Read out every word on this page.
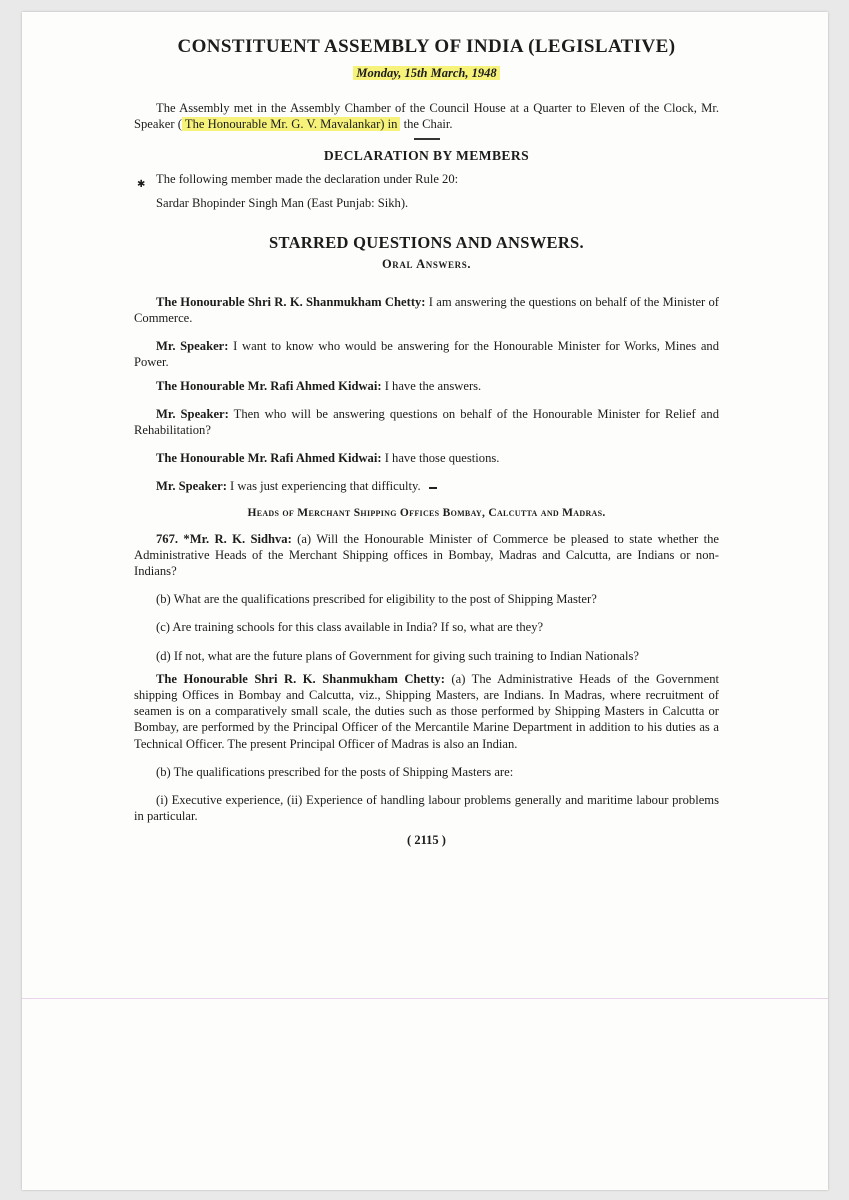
✱
CONSTITUENT ASSEMBLY OF INDIA (LEGISLATIVE)
Monday, 15th March, 1948

The Assembly met in the Assembly Chamber of the Council House at a Quarter to Eleven of the Clock, Mr. Speaker ( The Honourable Mr. G. V. Mavalankar) in the Chair.

DECLARATION BY MEMBERS

The following member made the declaration under Rule 20:

Sardar Bhopinder Singh Man (East Punjab: Sikh).

STARRED QUESTIONS AND ANSWERS.
Oral Answers.

The Honourable Shri R. K. Shanmukham Chetty: I am answering the questions on behalf of the Minister of Commerce.

Mr. Speaker: I want to know who would be answering for the Honourable Minister for Works, Mines and Power.

The Honourable Mr. Rafi Ahmed Kidwai: I have the answers.

Mr. Speaker: Then who will be answering questions on behalf of the Honourable Minister for Relief and Rehabilitation?

The Honourable Mr. Rafi Ahmed Kidwai: I have those questions.

Mr. Speaker: I was just experiencing that difficulty.

Heads of Merchant Shipping Offices Bombay, Calcutta and Madras.

767. *Mr. R. K. Sidhva: (a) Will the Honourable Minister of Commerce be pleased to state whether the Administrative Heads of the Merchant Shipping offices in Bombay, Madras and Calcutta, are Indians or non-Indians?

(b) What are the qualifications prescribed for eligibility to the post of Shipping Master?

(c) Are training schools for this class available in India? If so, what are they?

(d) If not, what are the future plans of Government for giving such training to Indian Nationals?

The Honourable Shri R. K. Shanmukham Chetty: (a) The Administrative Heads of the Government shipping Offices in Bombay and Calcutta, viz., Shipping Masters, are Indians. In Madras, where recruitment of seamen is on a comparatively small scale, the duties such as those performed by Shipping Masters in Calcutta or Bombay, are performed by the Principal Officer of the Mercantile Marine Department in addition to his duties as a Technical Officer. The present Principal Officer of Madras is also an Indian.

(b) The qualifications prescribed for the posts of Shipping Masters are:

(i) Executive experience, (ii) Experience of handling labour problems generally and maritime labour problems in particular.

( 2115 )
